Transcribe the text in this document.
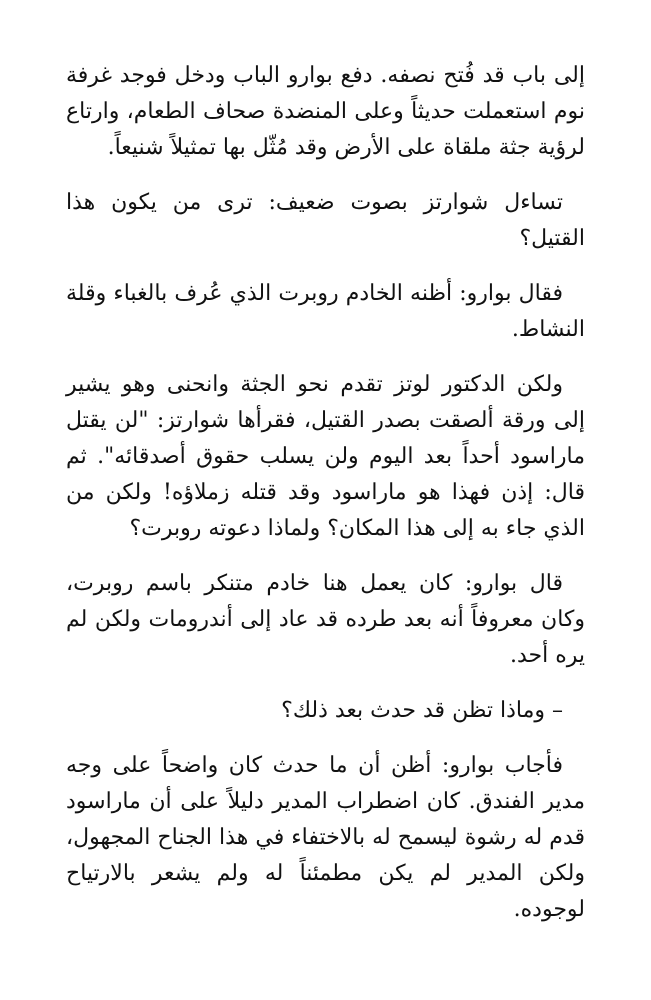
إلى باب قد فُتح نصفه. دفع بوارو الباب ودخل فوجد غرفة نوم استعملت حديثاً وعلى المنضدة صحاف الطعام، وارتاع لرؤية جثة ملقاة على الأرض وقد مُثّل بها تمثيلاً شنيعاً.

تساءل شوارتز بصوت ضعيف: ترى من يكون هذا القتيل؟

فقال بوارو: أظنه الخادم روبرت الذي عُرف بالغباء وقلة النشاط.

ولكن الدكتور لوتز تقدم نحو الجثة وانحنى وهو يشير إلى ورقة ألصقت بصدر القتيل، فقرأها شوارتز: "لن يقتل ماراسود أحداً بعد اليوم ولن يسلب حقوق أصدقائه". ثم قال: إذن فهذا هو ماراسود وقد قتله زملاؤه! ولكن من الذي جاء به إلى هذا المكان؟ ولماذا دعوته روبرت؟

قال بوارو: كان يعمل هنا خادم متنكر باسم روبرت، وكان معروفاً أنه بعد طرده قد عاد إلى أندرومات ولكن لم يره أحد.

– وماذا تظن قد حدث بعد ذلك؟

فأجاب بوارو: أظن أن ما حدث كان واضحاً على وجه مدير الفندق. كان اضطراب المدير دليلاً على أن ماراسود قدم له رشوة ليسمح له بالاختفاء في هذا الجناح المجهول، ولكن المدير لم يكن مطمئناً له ولم يشعر بالارتياح لوجوده.
